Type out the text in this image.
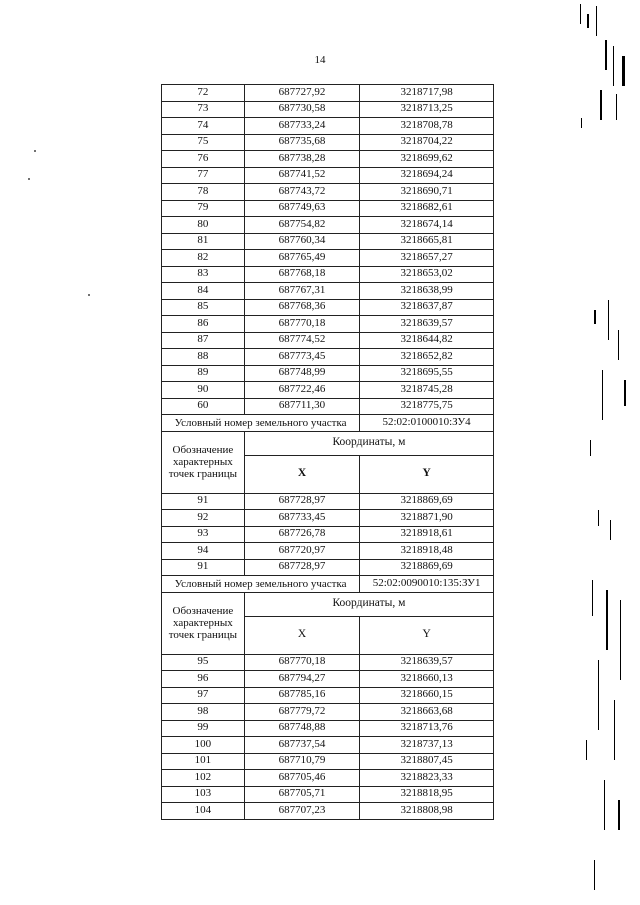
14
72	687727,92	3218717,98
73	687730,58	3218713,25
74	687733,24	3218708,78
75	687735,68	3218704,22
76	687738,28	3218699,62
77	687741,52	3218694,24
78	687743,72	3218690,71
79	687749,63	3218682,61
80	687754,82	3218674,14
81	687760,34	3218665,81
82	687765,49	3218657,27
83	687768,18	3218653,02
84	687767,31	3218638,99
85	687768,36	3218637,87
86	687770,18	3218639,57
87	687774,52	3218644,82
88	687773,45	3218652,82
89	687748,99	3218695,55
90	687722,46	3218745,28
60	687711,30	3218775,75
Условный номер земельного участка		52:02:0100010:ЗУ4
Обозначение характерных точек границы	Координаты, м	
	X	Y
91	687728,97	3218869,69
92	687733,45	3218871,90
93	687726,78	3218918,61
94	687720,97	3218918,48
91	687728,97	3218869,69
Условный номер земельного участка		52:02:0090010:135:ЗУ1
Обозначение характерных точек границы	Координаты, м	
	X	Y
95	687770,18	3218639,57
96	687794,27	3218660,13
97	687785,16	3218660,15
98	687779,72	3218663,68
99	687748,88	3218713,76
100	687737,54	3218737,13
101	687710,79	3218807,45
102	687705,46	3218823,33
103	687705,71	3218818,95
104	687707,23	3218808,98
